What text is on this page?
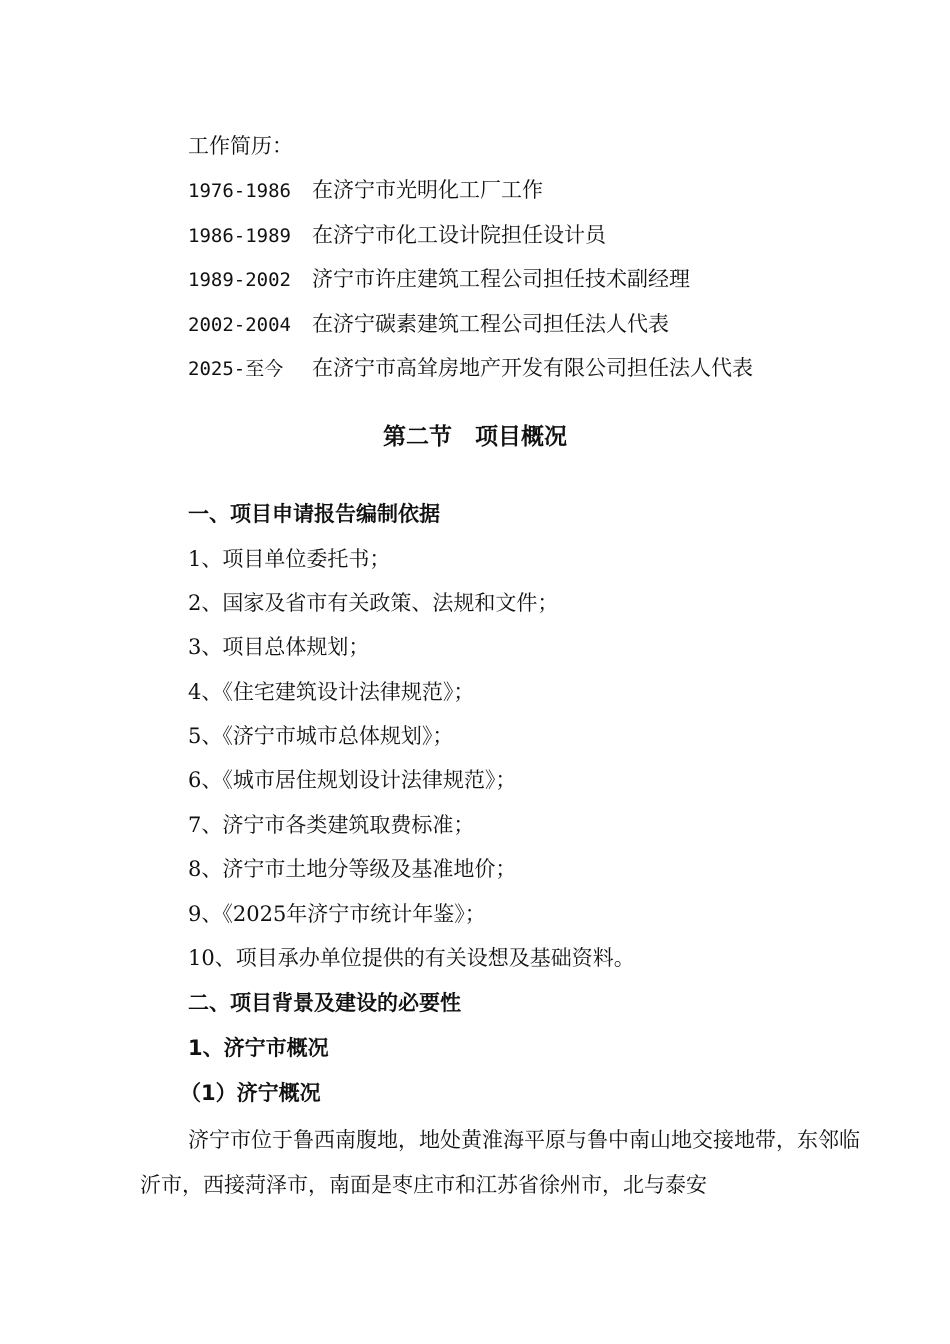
工作简历：
1976-1986 在济宁市光明化工厂工作
1986-1989 在济宁市化工设计院担任设计员
1989-2002 济宁市许庄建筑工程公司担任技术副经理
2002-2004 在济宁碳素建筑工程公司担任法人代表
2025-至今 在济宁市高耸房地产开发有限公司担任法人代表
第二节　项目概况
一、项目申请报告编制依据
1、项目单位委托书；
2、国家及省市有关政策、法规和文件；
3、项目总体规划；
4、《住宅建筑设计法律规范》；
5、《济宁市城市总体规划》；
6、《城市居住规划设计法律规范》；
7、济宁市各类建筑取费标准；
8、济宁市土地分等级及基准地价；
9、《2025年济宁市统计年鉴》；
10、项目承办单位提供的有关设想及基础资料。
二、项目背景及建设的必要性
1、济宁市概况
（1）济宁概况
济宁市位于鲁西南腹地，地处黄淮海平原与鲁中南山地交接地带，东邻临沂市，西接菏泽市，南面是枣庄市和江苏省徐州市，北与泰安
